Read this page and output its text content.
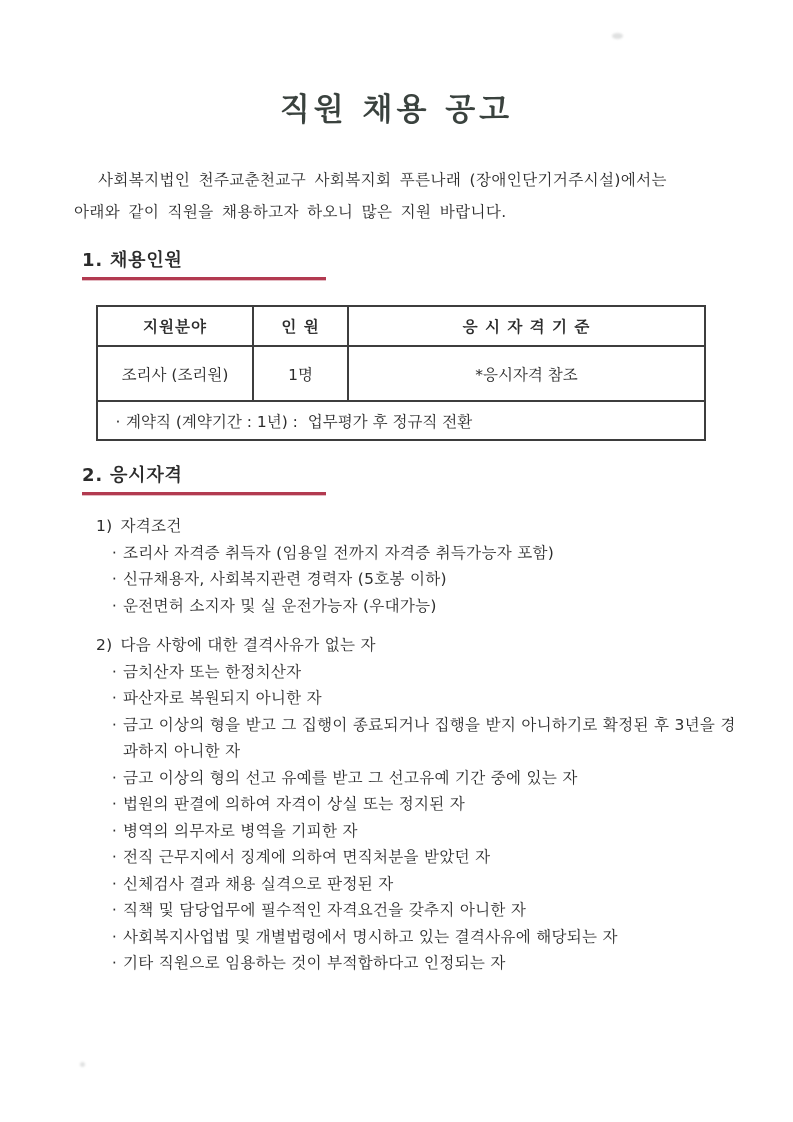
직원 채용 공고
사회복지법인 천주교춘천교구 사회복지회 푸른나래 (장애인단기거주시설)에서는
아래와 같이 직원을 채용하고자 하오니 많은 지원 바랍니다.
1. 채용인원
지원분야	인 원	응 시 자 격 기 준
조리사 (조리원)	1명	*응시자격 참조
· 계약직 (계약기간 : 1년) :  업무평가 후 정규직 전환		
2. 응시자격
1) 자격조건
· 조리사 자격증 취득자 (임용일 전까지 자격증 취득가능자 포함)
· 신규채용자, 사회복지관련 경력자 (5호봉 이하)
· 운전면허 소지자 및 실 운전가능자 (우대가능)
2) 다음 사항에 대한 결격사유가 없는 자
· 금치산자 또는 한정치산자
· 파산자로 복원되지 아니한 자
· 금고 이상의 형을 받고 그 집행이 종료되거나 집행을 받지 아니하기로 확정된 후 3년을 경과하지 아니한 자
· 금고 이상의 형의 선고 유예를 받고 그 선고유예 기간 중에 있는 자
· 법원의 판결에 의하여 자격이 상실 또는 정지된 자
· 병역의 의무자로 병역을 기피한 자
· 전직 근무지에서 징계에 의하여 면직처분을 받았던 자
· 신체검사 결과 채용 실격으로 판정된 자
· 직책 및 담당업무에 필수적인 자격요건을 갖추지 아니한 자
· 사회복지사업법 및 개별법령에서 명시하고 있는 결격사유에 해당되는 자
· 기타 직원으로 임용하는 것이 부적합하다고 인정되는 자
